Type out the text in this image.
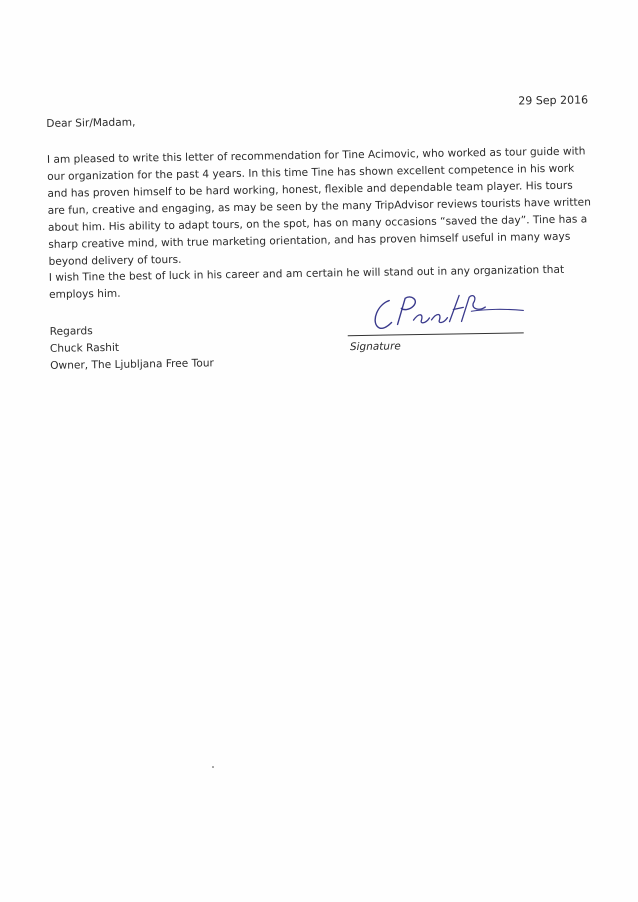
29 Sep 2016
Dear Sir/Madam,

I am pleased to write this letter of recommendation for Tine Acimovic, who worked as tour guide with our organization for the past 4 years. In this time Tine has shown excellent competence in his work and has proven himself to be hard working, honest, flexible and dependable team player. His tours are fun, creative and engaging, as may be seen by the many TripAdvisor reviews tourists have written about him. His ability to adapt tours, on the spot, has on many occasions “saved the day”. Tine has a sharp creative mind, with true marketing orientation, and has proven himself useful in many ways beyond delivery of tours.

I wish Tine the best of luck in his career and am certain he will stand out in any organization that employs him.

Regards
Chuck Rashit
Owner, The Ljubljana Free Tour
Signature
